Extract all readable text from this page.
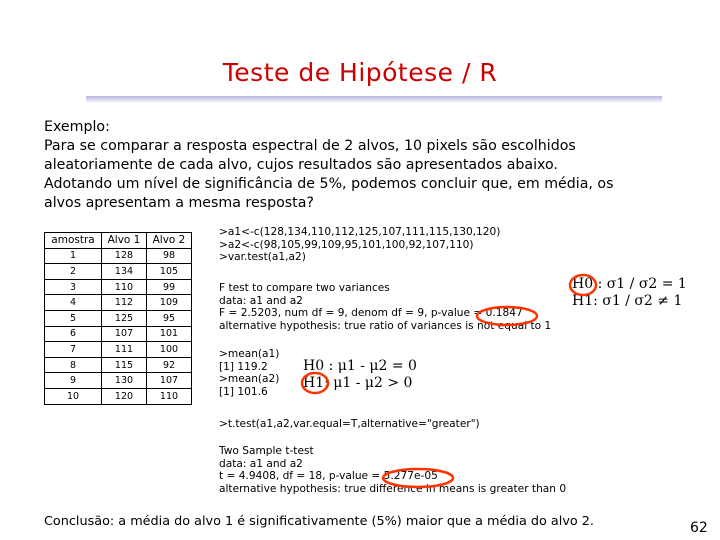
Teste de Hipótese / R
Exemplo:
Para se comparar a resposta espectral de 2 alvos, 10 pixels são escolhidos
aleatoriamente de cada alvo, cujos resultados são apresentados abaixo.
Adotando um nível de significância de 5%, podemos concluir que, em média, os
alvos apresentam a mesma resposta?
amostra	Alvo 1	Alvo 2
1	128	98
2	134	105
3	110	99
4	112	109
5	125	95
6	107	101
7	111	100
8	115	92
9	130	107
10	120	110
>a1<-c(128,134,110,112,125,107,111,115,130,120)
>a2<-c(98,105,99,109,95,101,100,92,107,110)
>var.test(a1,a2)
F test to compare two variances
data: a1 and a2
F = 2.5203, num df = 9, denom df = 9, p-value = 0.1847
alternative hypothesis: true ratio of variances is not equal to 1
H0 : σ1 / σ2 = 1
H1: σ1 / σ2 ≠ 1
>mean(a1)
[1] 119.2
>mean(a2)
[1] 101.6
H0 : μ1 - μ2 = 0
H1: μ1 - μ2 > 0
>t.test(a1,a2,var.equal=T,alternative="greater")
Two Sample t-test
data: a1 and a2
t = 4.9408, df = 18, p-value = 5.277e-05
alternative hypothesis: true difference in means is greater than 0
Conclusão: a média do alvo 1 é significativamente (5%) maior que a média do alvo 2.	62
